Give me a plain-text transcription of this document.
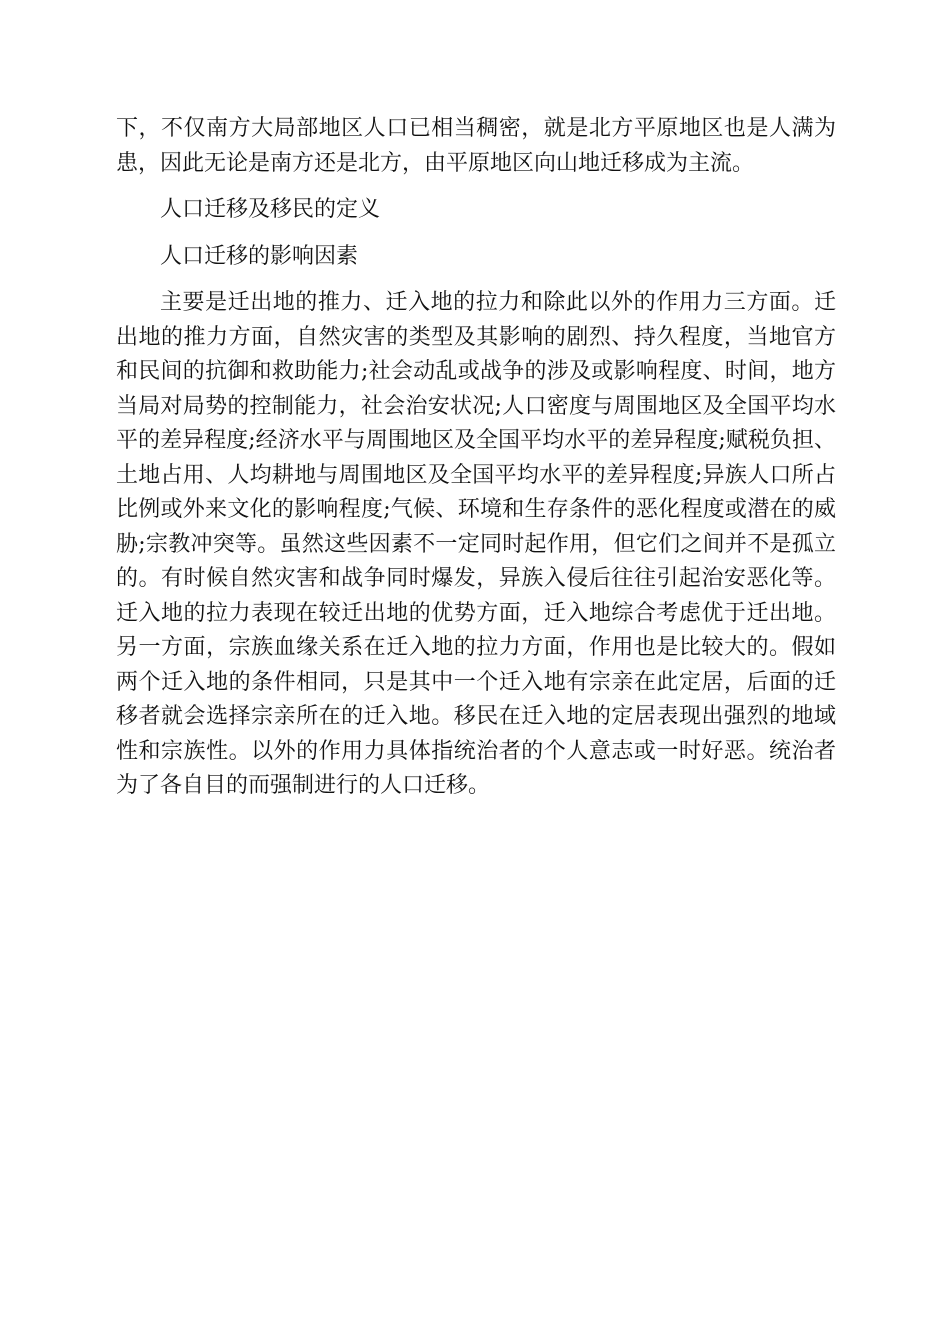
下，不仅南方大局部地区人口已相当稠密，就是北方平原地区也是人满为患，因此无论是南方还是北方，由平原地区向山地迁移成为主流。

人口迁移及移民的定义

人口迁移的影响因素

主要是迁出地的推力、迁入地的拉力和除此以外的作用力三方面。迁出地的推力方面，自然灾害的类型及其影响的剧烈、持久程度，当地官方和民间的抗御和救助能力;社会动乱或战争的涉及或影响程度、时间，地方当局对局势的控制能力，社会治安状况;人口密度与周围地区及全国平均水平的差异程度;经济水平与周围地区及全国平均水平的差异程度;赋税负担、土地占用、人均耕地与周围地区及全国平均水平的差异程度;异族人口所占比例或外来文化的影响程度;气候、环境和生存条件的恶化程度或潜在的威胁;宗教冲突等。虽然这些因素不一定同时起作用，但它们之间并不是孤立的。有时候自然灾害和战争同时爆发，异族入侵后往往引起治安恶化等。迁入地的拉力表现在较迁出地的优势方面，迁入地综合考虑优于迁出地。另一方面，宗族血缘关系在迁入地的拉力方面，作用也是比较大的。假如两个迁入地的条件相同，只是其中一个迁入地有宗亲在此定居，后面的迁移者就会选择宗亲所在的迁入地。移民在迁入地的定居表现出强烈的地域性和宗族性。以外的作用力具体指统治者的个人意志或一时好恶。统治者为了各自目的而强制进行的人口迁移。
